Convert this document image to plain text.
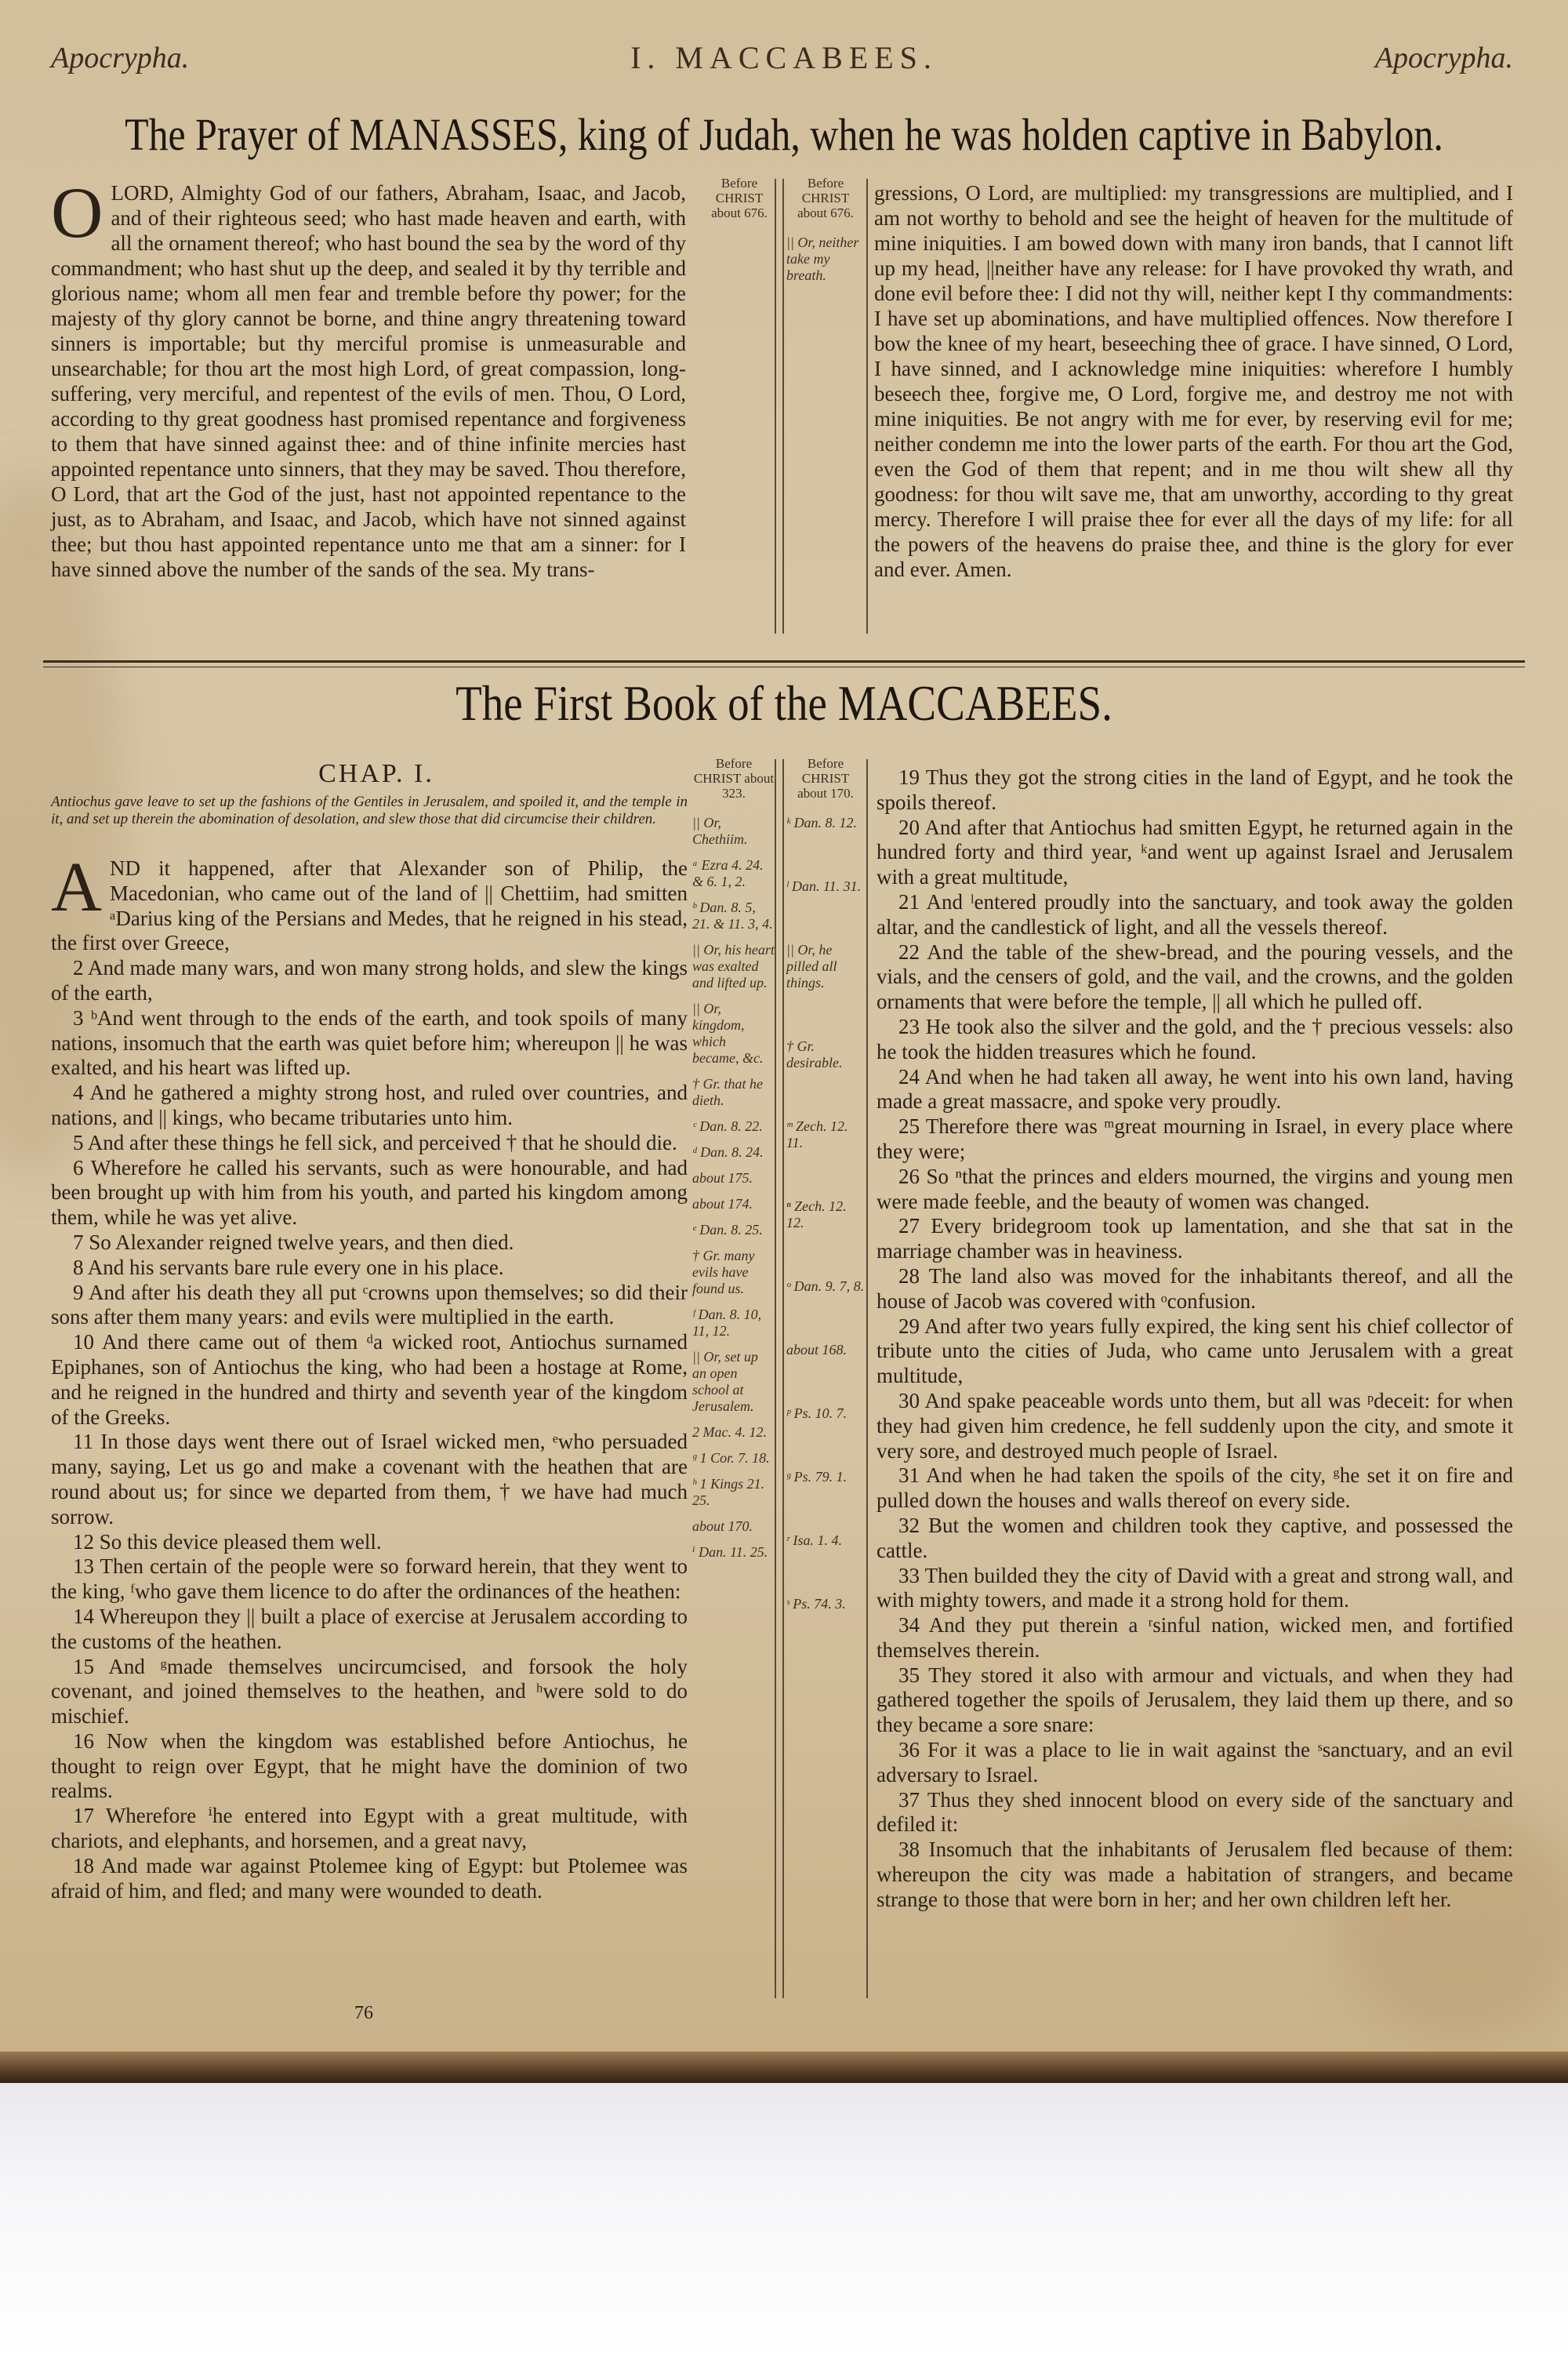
Apocrypha.	I. MACCABEES.	Apocrypha.
The Prayer of MANASSES, king of Judah, when he was holden captive in Babylon.
O LORD, Almighty God of our fathers, Abraham, Isaac, and Jacob, and of their righteous seed; who hast made heaven and earth, with all the ornament thereof; who hast bound the sea by the word of thy commandment; who hast shut up the deep, and sealed it by thy terrible and glorious name; whom all men fear and tremble before thy power; for the majesty of thy glory cannot be borne, and thine angry threatening toward sinners is importable; but thy merciful promise is unmeasurable and unsearchable; for thou art the most high Lord, of great compassion, long-suffering, very merciful, and repentest of the evils of men. Thou, O Lord, according to thy great goodness hast promised repentance and forgiveness to them that have sinned against thee: and of thine infinite mercies hast appointed repentance unto sinners, that they may be saved. Thou therefore, O Lord, that art the God of the just, hast not appointed repentance to the just, as to Abraham, and Isaac, and Jacob, which have not sinned against thee; but thou hast appointed repentance unto me that am a sinner: for I have sinned above the number of the sands of the sea. My trans-
Before CHRIST about 676.
Before CHRIST about 676.
|| Or, neither take my breath.
gressions, O Lord, are multiplied: my transgressions are multiplied, and I am not worthy to behold and see the height of heaven for the multitude of mine iniquities. I am bowed down with many iron bands, that I cannot lift up my head, ||neither have any release: for I have provoked thy wrath, and done evil before thee: I did not thy will, neither kept I thy commandments: I have set up abominations, and have multiplied offences. Now therefore I bow the knee of my heart, beseeching thee of grace. I have sinned, O Lord, I have sinned, and I acknowledge mine iniquities: wherefore I humbly beseech thee, forgive me, O Lord, forgive me, and destroy me not with mine iniquities. Be not angry with me for ever, by reserving evil for me; neither condemn me into the lower parts of the earth. For thou art the God, even the God of them that repent; and in me thou wilt shew all thy goodness: for thou wilt save me, that am unworthy, according to thy great mercy. Therefore I will praise thee for ever all the days of my life: for all the powers of the heavens do praise thee, and thine is the glory for ever and ever. Amen.
The First Book of the MACCABEES.
CHAP. I.
Antiochus gave leave to set up the fashions of the Gentiles in Jerusalem, and spoiled it, and the temple in it, and set up therein the abomination of desolation, and slew those that did circumcise their children.
A ND it happened, after that Alexander son of Philip, the Macedonian, who came out of the land of || Chettiim, had smitten ᵃDarius king of the Persians and Medes, that he reigned in his stead, the first over Greece,
2 And made many wars, and won many strong holds, and slew the kings of the earth,
3 ᵇAnd went through to the ends of the earth, and took spoils of many nations, insomuch that the earth was quiet before him; whereupon || he was exalted, and his heart was lifted up.
4 And he gathered a mighty strong host, and ruled over countries, and nations, and || kings, who became tributaries unto him.
5 And after these things he fell sick, and perceived † that he should die.
6 Wherefore he called his servants, such as were honourable, and had been brought up with him from his youth, and parted his kingdom among them, while he was yet alive.
7 So Alexander reigned twelve years, and then died.
8 And his servants bare rule every one in his place.
9 And after his death they all put ᶜcrowns upon themselves; so did their sons after them many years: and evils were multiplied in the earth.
10 And there came out of them ᵈa wicked root, Antiochus surnamed Epiphanes, son of Antiochus the king, who had been a hostage at Rome, and he reigned in the hundred and thirty and seventh year of the kingdom of the Greeks.
11 In those days went there out of Israel wicked men, ᵉwho persuaded many, saying, Let us go and make a covenant with the heathen that are round about us; for since we departed from them, † we have had much sorrow.
12 So this device pleased them well.
13 Then certain of the people were so forward herein, that they went to the king, ᶠwho gave them licence to do after the ordinances of the heathen:
14 Whereupon they || built a place of exercise at Jerusalem according to the customs of the heathen.
15 And ᵍmade themselves uncircumcised, and forsook the holy covenant, and joined themselves to the heathen, and ʰwere sold to do mischief.
16 Now when the kingdom was established before Antiochus, he thought to reign over Egypt, that he might have the dominion of two realms.
17 Wherefore ⁱhe entered into Egypt with a great multitude, with chariots, and elephants, and horsemen, and a great navy,
18 And made war against Ptolemee king of Egypt: but Ptolemee was afraid of him, and fled; and many were wounded to death.
Before CHRIST about 323.
|| Or, Chethiim.
ᵃ Ezra 4. 24. & 6. 1, 2.
ᵇ Dan. 8. 5, 21. & 11. 3, 4.
|| Or, his heart was exalted and lifted up.
|| Or, kingdom, which became, &c.
† Gr. that he dieth.
ᶜ Dan. 8. 22.
ᵈ Dan. 8. 24.
about 175.
about 174.
ᵉ Dan. 8. 25.
† Gr. many evils have found us.
ᶠ Dan. 8. 10, 11, 12.
|| Or, set up an open school at Jerusalem.
2 Mac. 4. 12.
ᵍ 1 Cor. 7. 18.
ʰ 1 Kings 21. 25.
about 170.
ⁱ Dan. 11. 25.
Before CHRIST about 170.
ᵏ Dan. 8. 12.
ˡ Dan. 11. 31.
|| Or, he pilled all things.
† Gr. desirable.
ᵐ Zech. 12. 11.
ⁿ Zech. 12. 12.
ᵒ Dan. 9. 7, 8.
about 168.
ᵖ Ps. 10. 7.
ᵍ Ps. 79. 1.
ʳ Isa. 1. 4.
ˢ Ps. 74. 3.
19 Thus they got the strong cities in the land of Egypt, and he took the spoils thereof.
20 And after that Antiochus had smitten Egypt, he returned again in the hundred forty and third year, ᵏand went up against Israel and Jerusalem with a great multitude,
21 And ˡentered proudly into the sanctuary, and took away the golden altar, and the candlestick of light, and all the vessels thereof.
22 And the table of the shew-bread, and the pouring vessels, and the vials, and the censers of gold, and the vail, and the crowns, and the golden ornaments that were before the temple, || all which he pulled off.
23 He took also the silver and the gold, and the † precious vessels: also he took the hidden treasures which he found.
24 And when he had taken all away, he went into his own land, having made a great massacre, and spoke very proudly.
25 Therefore there was ᵐgreat mourning in Israel, in every place where they were;
26 So ⁿthat the princes and elders mourned, the virgins and young men were made feeble, and the beauty of women was changed.
27 Every bridegroom took up lamentation, and she that sat in the marriage chamber was in heaviness.
28 The land also was moved for the inhabitants thereof, and all the house of Jacob was covered with ᵒconfusion.
29 And after two years fully expired, the king sent his chief collector of tribute unto the cities of Juda, who came unto Jerusalem with a great multitude,
30 And spake peaceable words unto them, but all was ᵖdeceit: for when they had given him credence, he fell suddenly upon the city, and smote it very sore, and destroyed much people of Israel.
31 And when he had taken the spoils of the city, ᵍhe set it on fire and pulled down the houses and walls thereof on every side.
32 But the women and children took they captive, and possessed the cattle.
33 Then builded they the city of David with a great and strong wall, and with mighty towers, and made it a strong hold for them.
34 And they put therein a ʳsinful nation, wicked men, and fortified themselves therein.
35 They stored it also with armour and victuals, and when they had gathered together the spoils of Jerusalem, they laid them up there, and so they became a sore snare:
36 For it was a place to lie in wait against the ˢsanctuary, and an evil adversary to Israel.
37 Thus they shed innocent blood on every side of the sanctuary and defiled it:
38 Insomuch that the inhabitants of Jerusalem fled because of them: whereupon the city was made a habitation of strangers, and became strange to those that were born in her; and her own children left her.
76
